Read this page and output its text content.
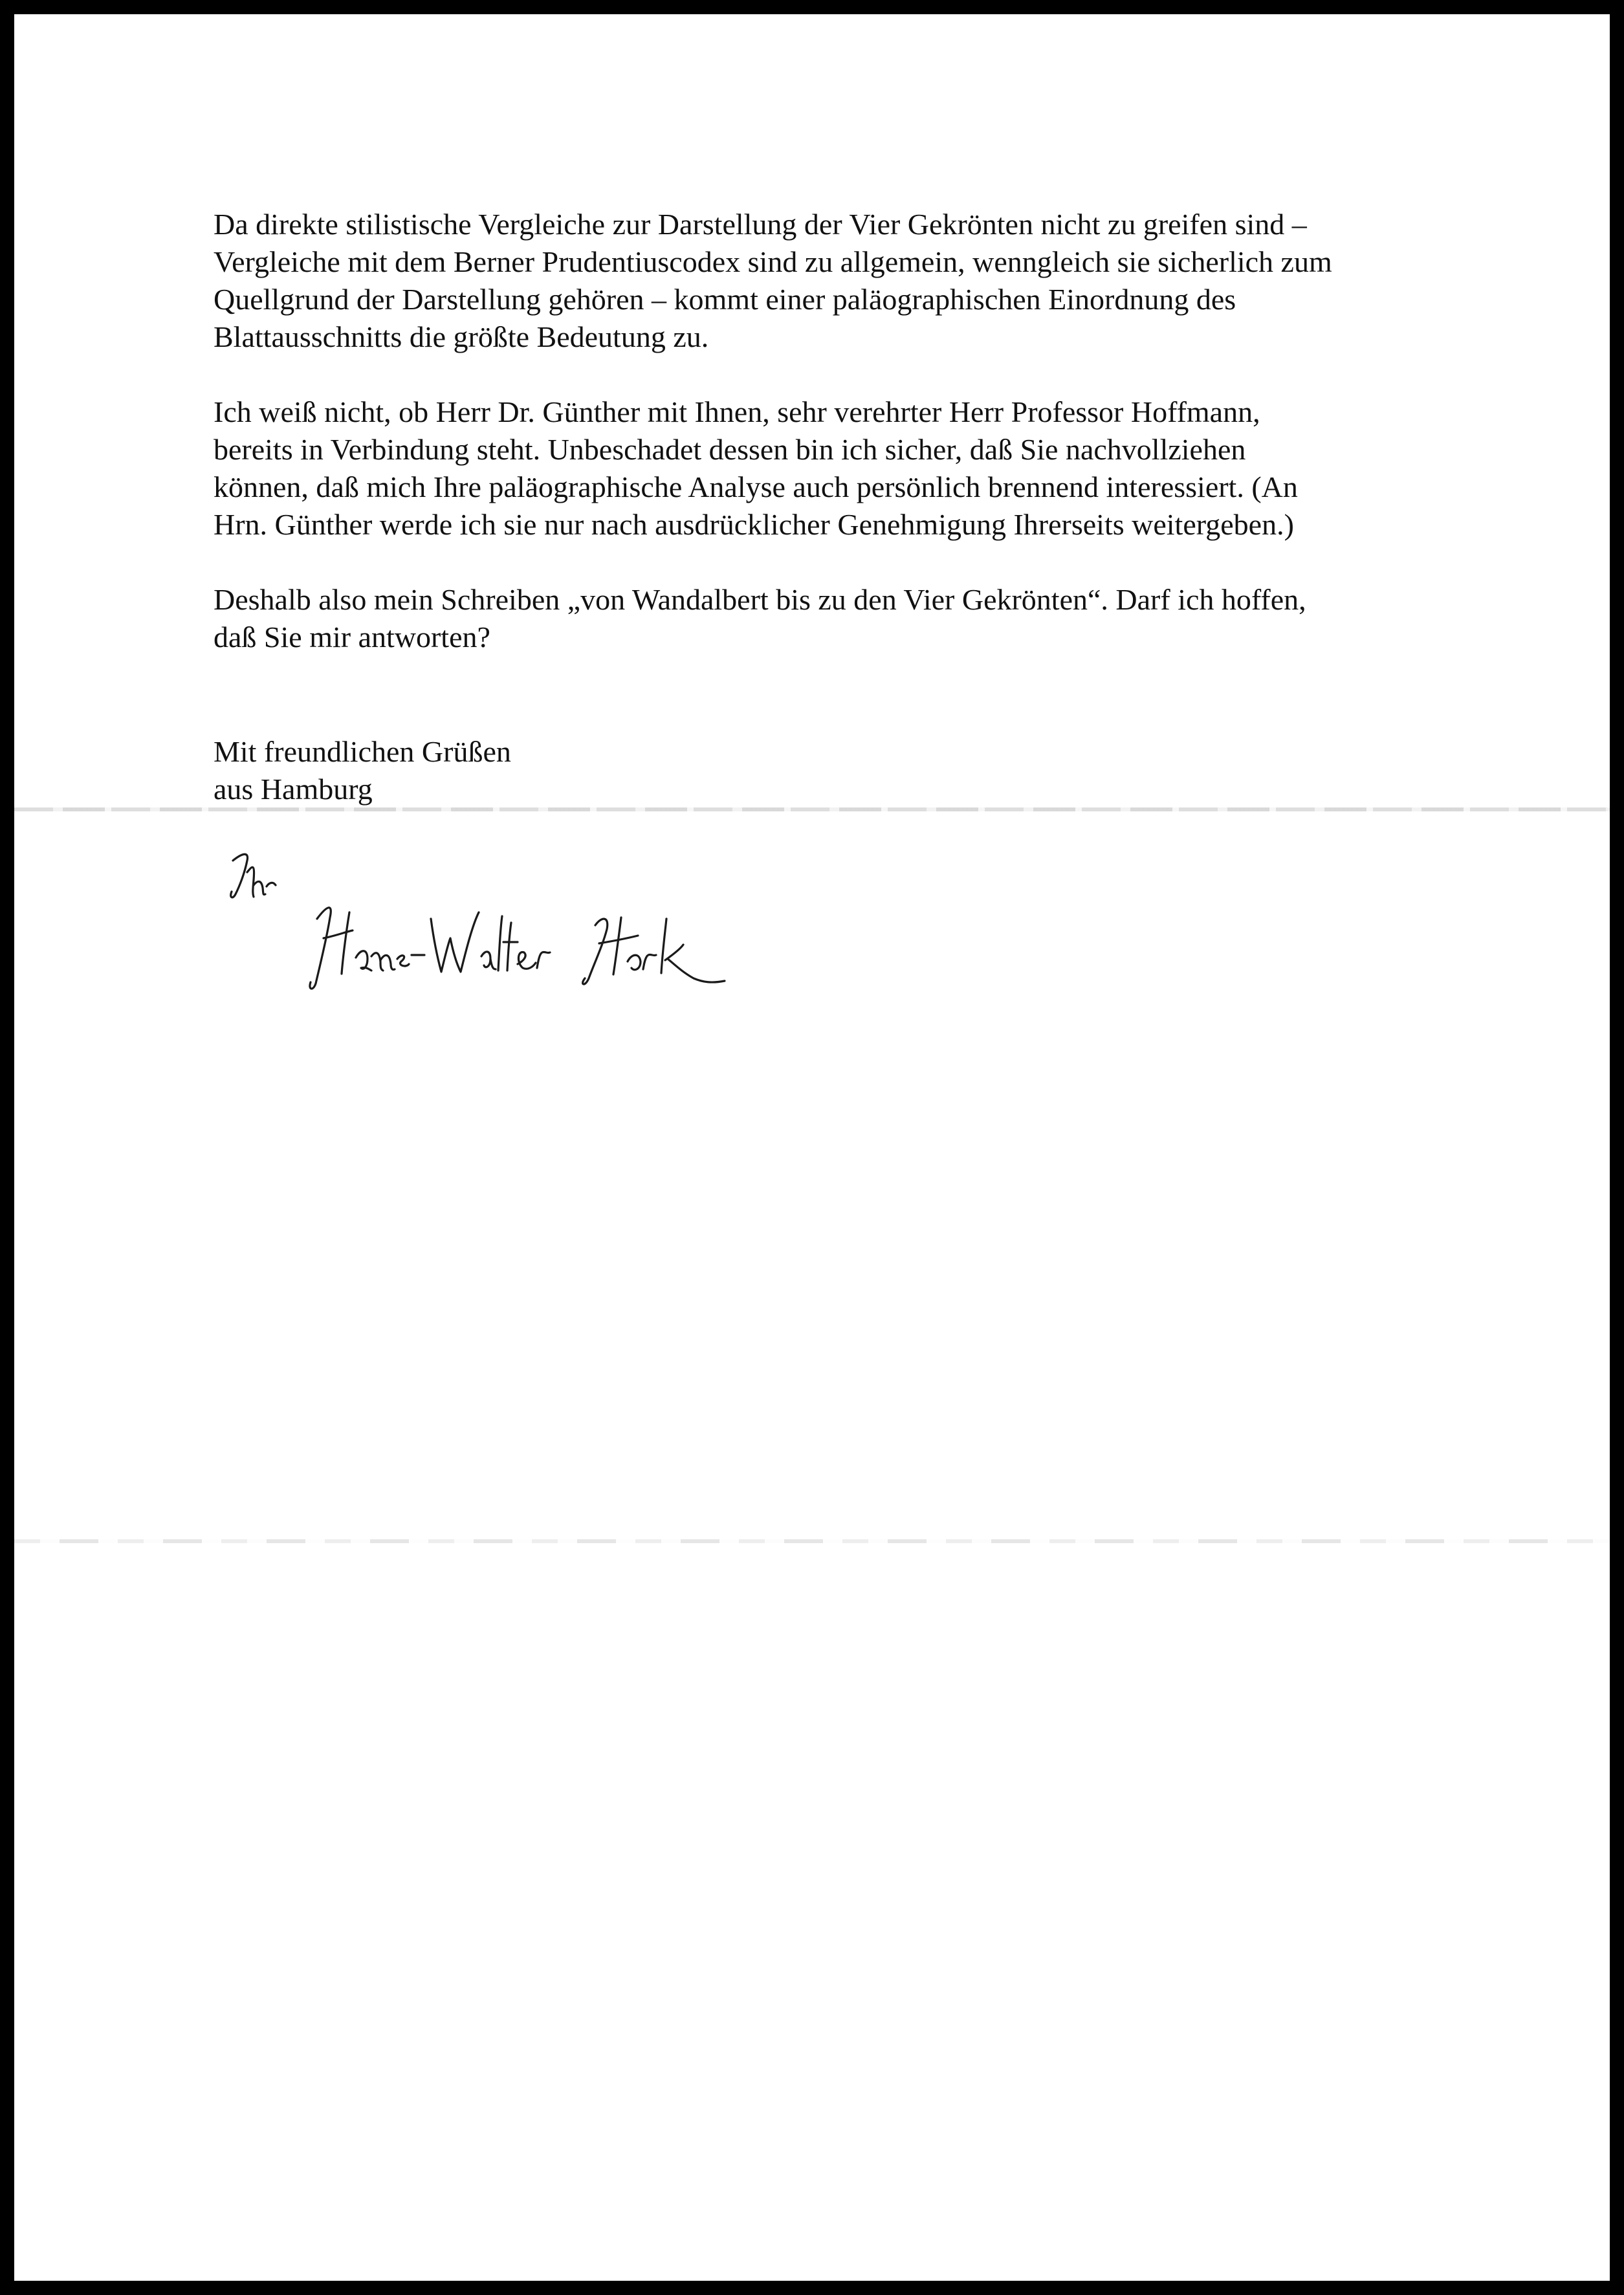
Da direkte stilistische Vergleiche zur Darstellung der Vier Gekrönten nicht zu greifen sind –
Vergleiche mit dem Berner Prudentiuscodex sind zu allgemein, wenngleich sie sicherlich zum
Quellgrund der Darstellung gehören – kommt einer paläographischen Einordnung des
Blattausschnitts die größte Bedeutung zu.

Ich weiß nicht, ob Herr Dr. Günther mit Ihnen, sehr verehrter Herr Professor Hoffmann,
bereits in Verbindung steht. Unbeschadet dessen bin ich sicher, daß Sie nachvollziehen
können, daß mich Ihre paläographische Analyse auch persönlich brennend interessiert. (An
Hrn. Günther werde ich sie nur nach ausdrücklicher Genehmigung Ihrerseits weitergeben.)

Deshalb also mein Schreiben „von Wandalbert bis zu den Vier Gekrönten“. Darf ich hoffen,
daß Sie mir antworten?

Mit freundlichen Grüßen
aus Hamburg
